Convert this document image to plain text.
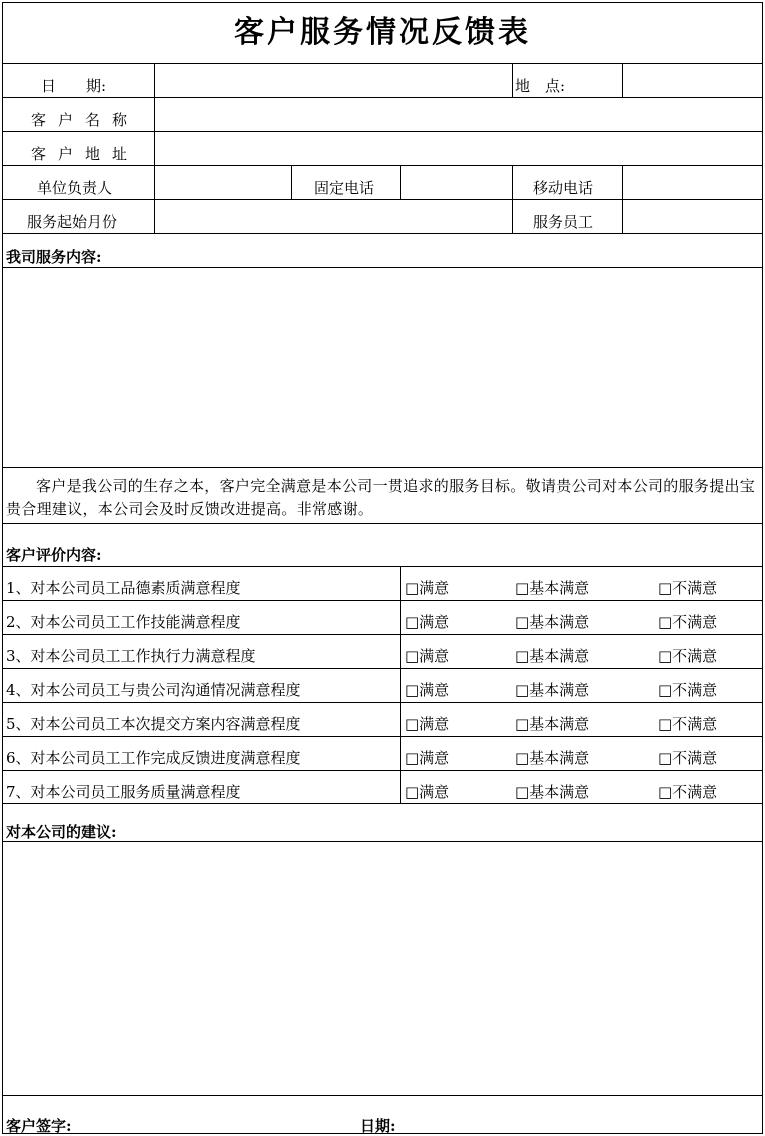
客户服务情况反馈表
日　　期:	地　点:
客户名称
客户地址
单位负责人	固定电话	移动电话
服务起始月份	服务员工
我司服务内容:
客户是我公司的生存之本，客户完全满意是本公司一贯追求的服务目标。敬请贵公司对本公司的服务提出宝贵合理建议，本公司会及时反馈改进提高。非常感谢。
客户评价内容:
1、对本公司员工品德素质满意程度	□满意	□基本满意	□不满意
2、对本公司员工工作技能满意程度	□满意	□基本满意	□不满意
3、对本公司员工工作执行力满意程度	□满意	□基本满意	□不满意
4、对本公司员工与贵公司沟通情况满意程度	□满意	□基本满意	□不满意
5、对本公司员工本次提交方案内容满意程度	□满意	□基本满意	□不满意
6、对本公司员工工作完成反馈进度满意程度	□满意	□基本满意	□不满意
7、对本公司员工服务质量满意程度	□满意	□基本满意	□不满意
对本公司的建议:
客户签字:	日期:
